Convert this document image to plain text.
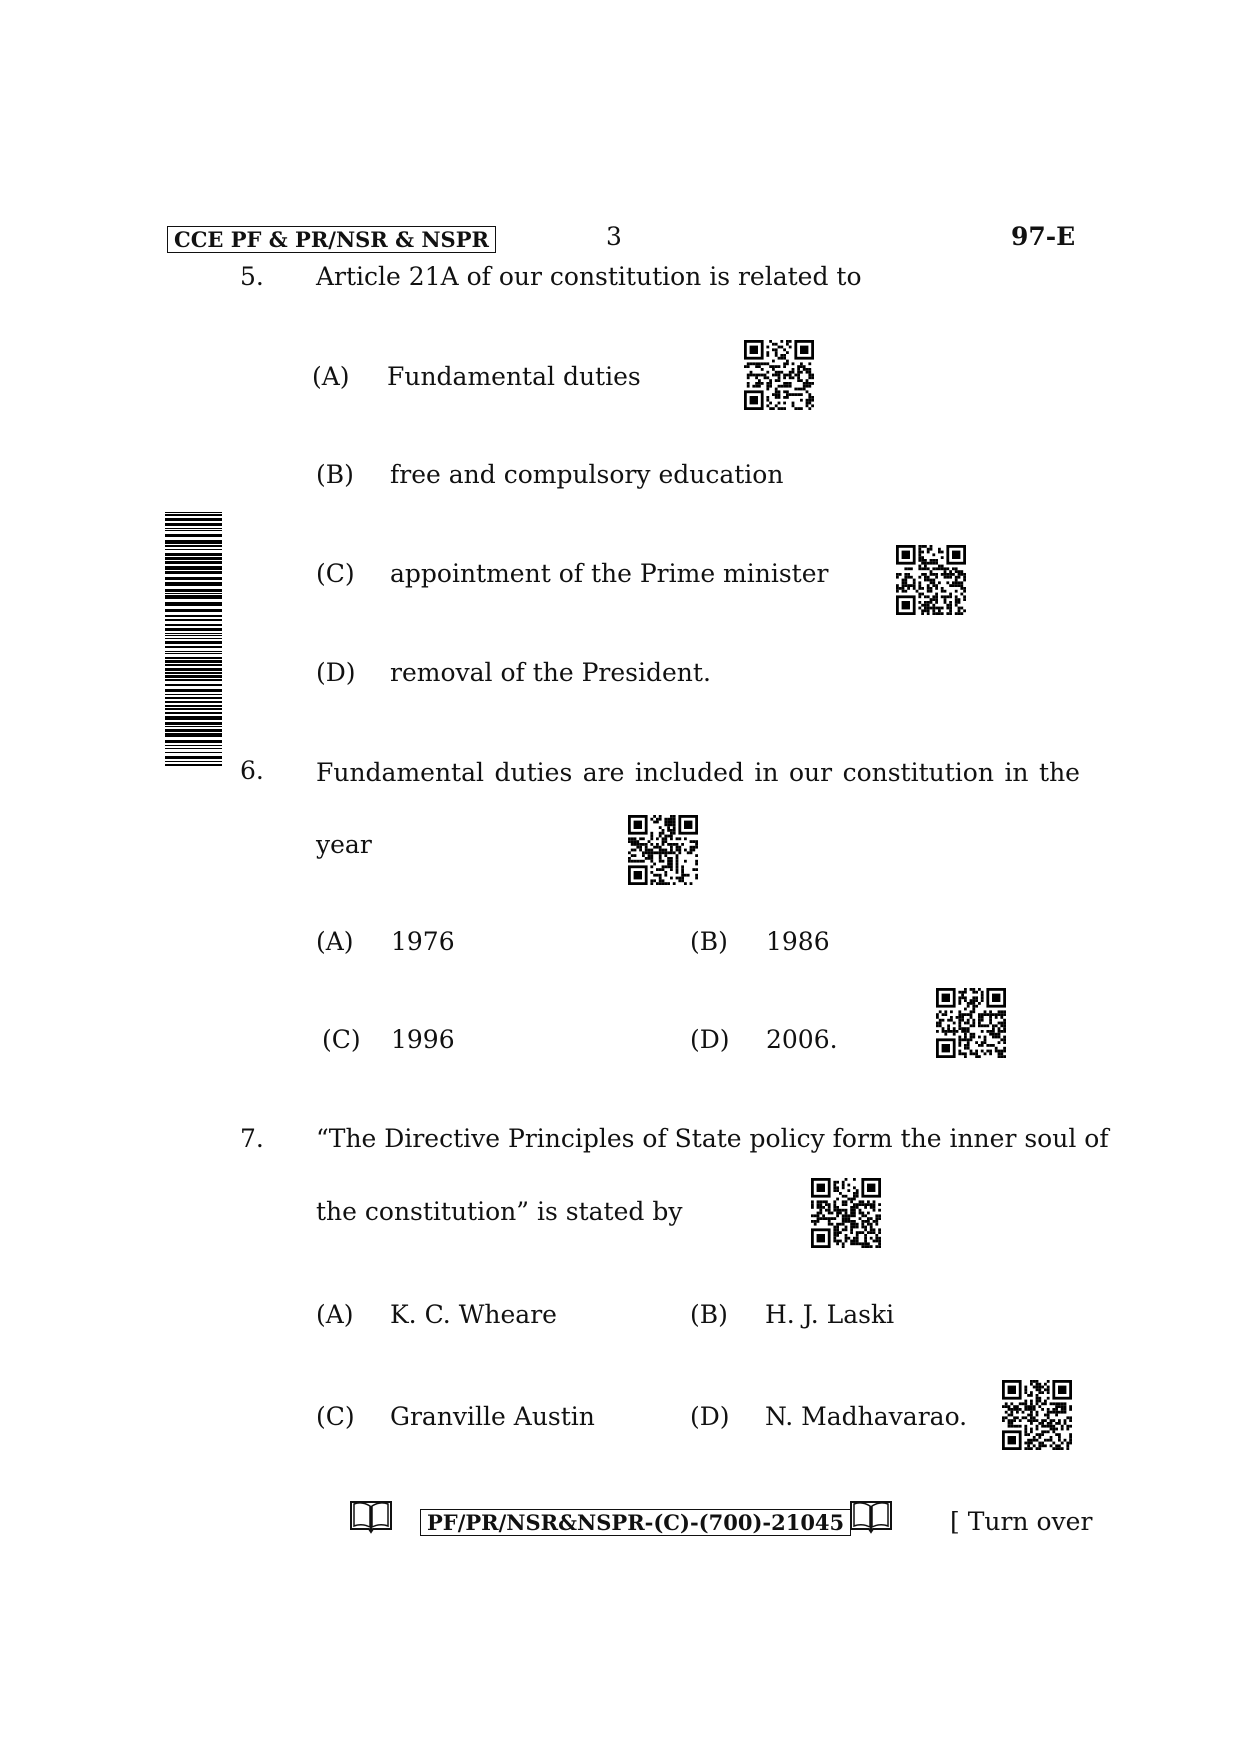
CCE PF & PR/NSR & NSPR	3	97-E
5. Article 21A of our constitution is related to
(A) Fundamental duties
(B) free and compulsory education
(C) appointment of the Prime minister
(D) removal of the President.
6. Fundamental duties are included in our constitution in the
year
(A) 1976	(B) 1986
(C) 1996	(D) 2006.
7. “The Directive Principles of State policy form the inner soul of
the constitution” is stated by
(A) K. C. Wheare	(B) H. J. Laski
(C) Granville Austin	(D) N. Madhavarao.
PF/PR/NSR&NSPR-(C)-(700)-21045	[ Turn over
